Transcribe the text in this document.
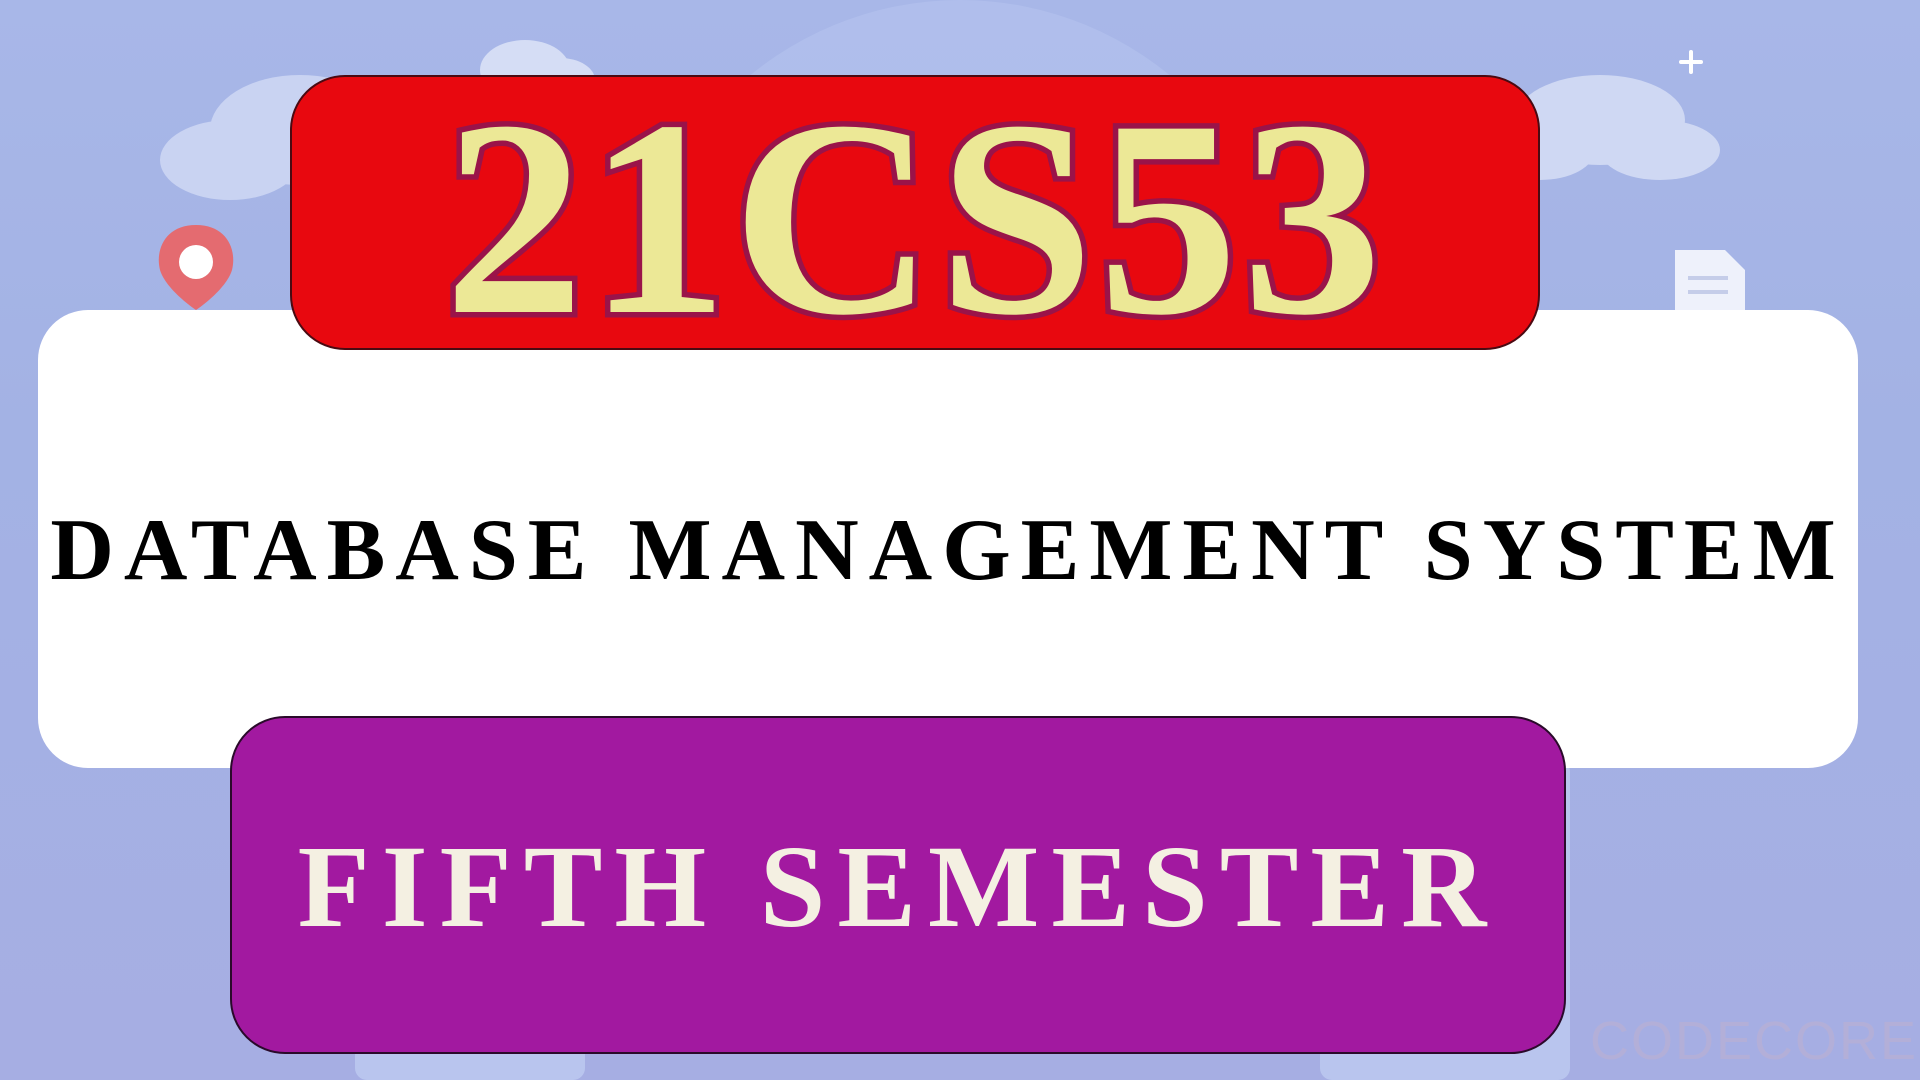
21CS53
DATABASE MANAGEMENT SYSTEM
FIFTH SEMESTER
CODECORE
